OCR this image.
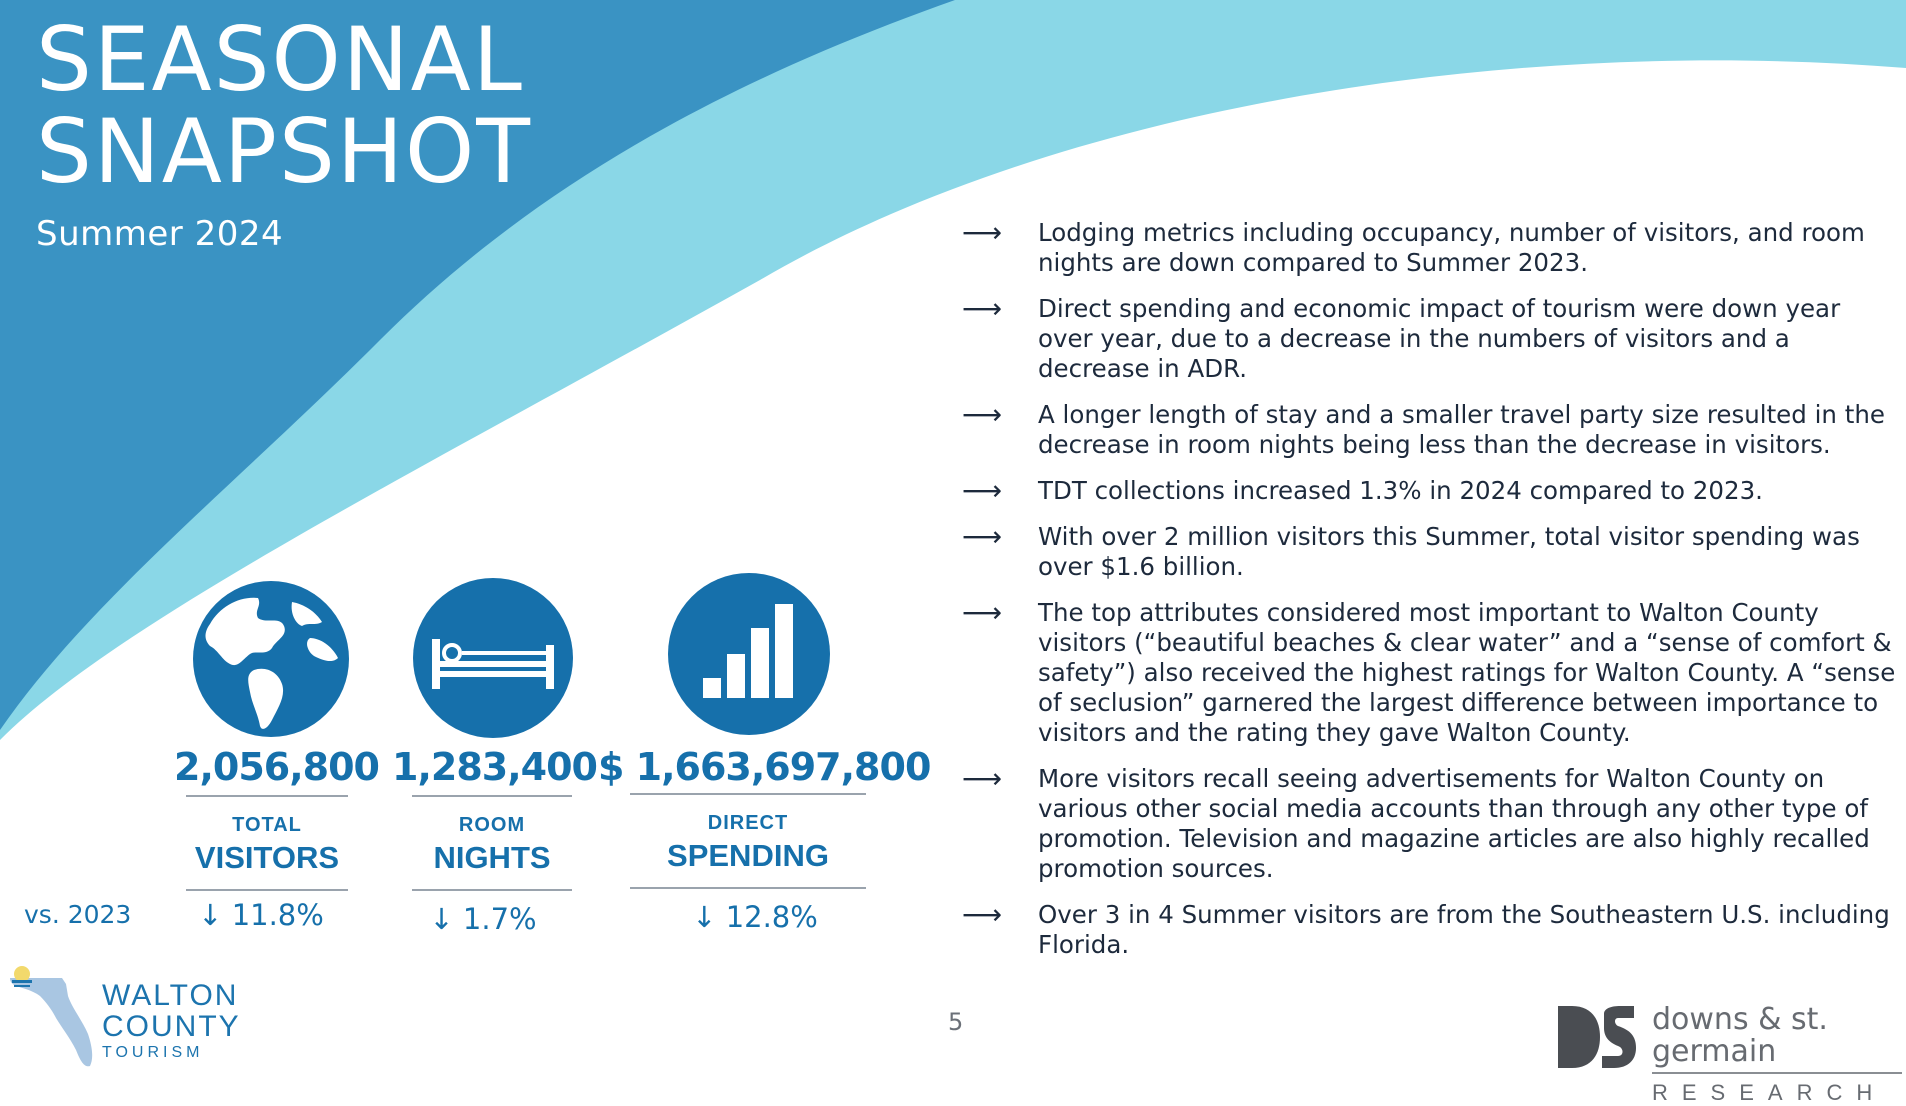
SEASONAL
SNAPSHOT
Summer 2024	⟶	Lodging metrics including occupancy, number of visitors, and room nights are down compared to Summer 2023.
⟶	Direct spending and economic impact of tourism were down year over year, due to a decrease in the numbers of visitors and a decrease in ADR.
⟶	A longer length of stay and a smaller travel party size resulted in the decrease in room nights being less than the decrease in visitors.
⟶	TDT collections increased 1.3% in 2024 compared to 2023.
⟶	With over 2 million visitors this Summer, total visitor spending was over $1.6 billion.
⟶	The top attributes considered most important to Walton County visitors (“beautiful beaches & clear water” and a “sense of comfort & safety”) also received the highest ratings for Walton County. A “sense of seclusion” garnered the largest difference between importance to visitors and the rating they gave Walton County.
⟶	More visitors recall seeing advertisements for Walton County on various other social media accounts than through any other type of promotion. Television and magazine articles are also highly recalled promotion sources.
⟶	Over 3 in 4 Summer visitors are from the Southeastern U.S. including Florida.
2,056,800
TOTAL
VISITORS
↓ 11.8%
1,283,400
ROOM
NIGHTS
↓ 1.7%
$ 1,663,697,800
DIRECT
SPENDING
↓ 12.8%
vs. 2023
5
WALTON
COUNTY
TOURISM
downs & st. germain
RESEARCH
